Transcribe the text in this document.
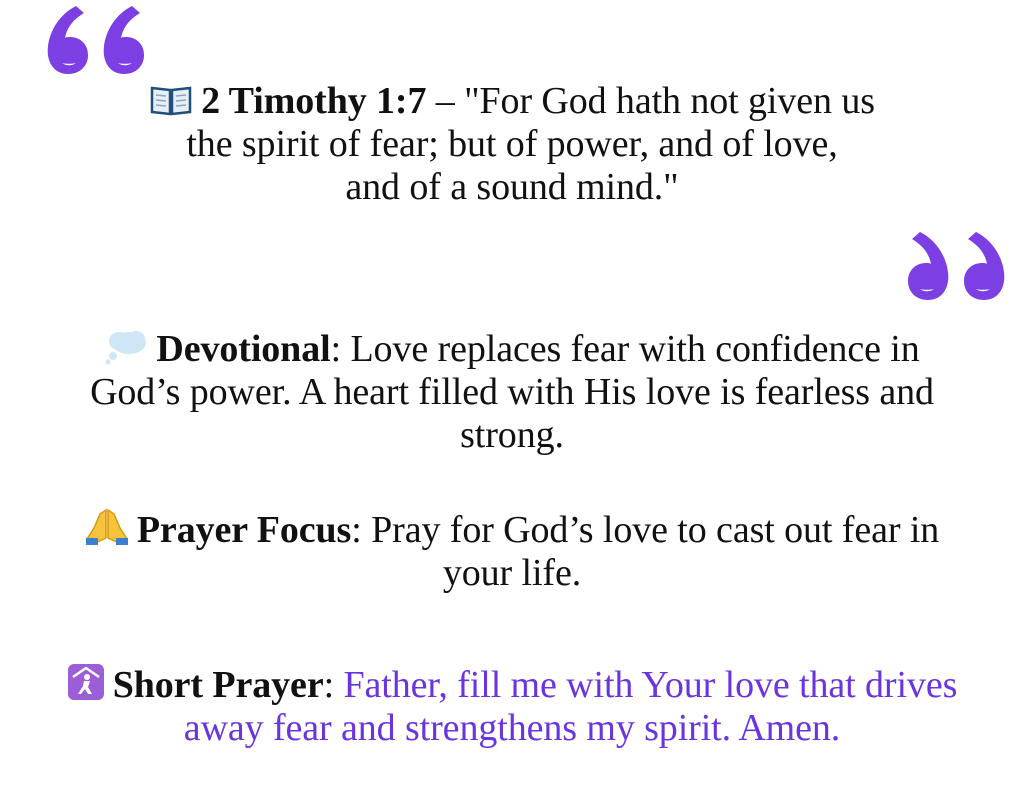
2 Timothy 1:7 – "For God hath not given us
the spirit of fear; but of power, and of love,
and of a sound mind."
Devotional: Love replaces fear with confidence in
God’s power. A heart filled with His love is fearless and
strong.
Prayer Focus: Pray for God’s love to cast out fear in
your life.
Short Prayer: Father, fill me with Your love that drives
away fear and strengthens my spirit. Amen.
